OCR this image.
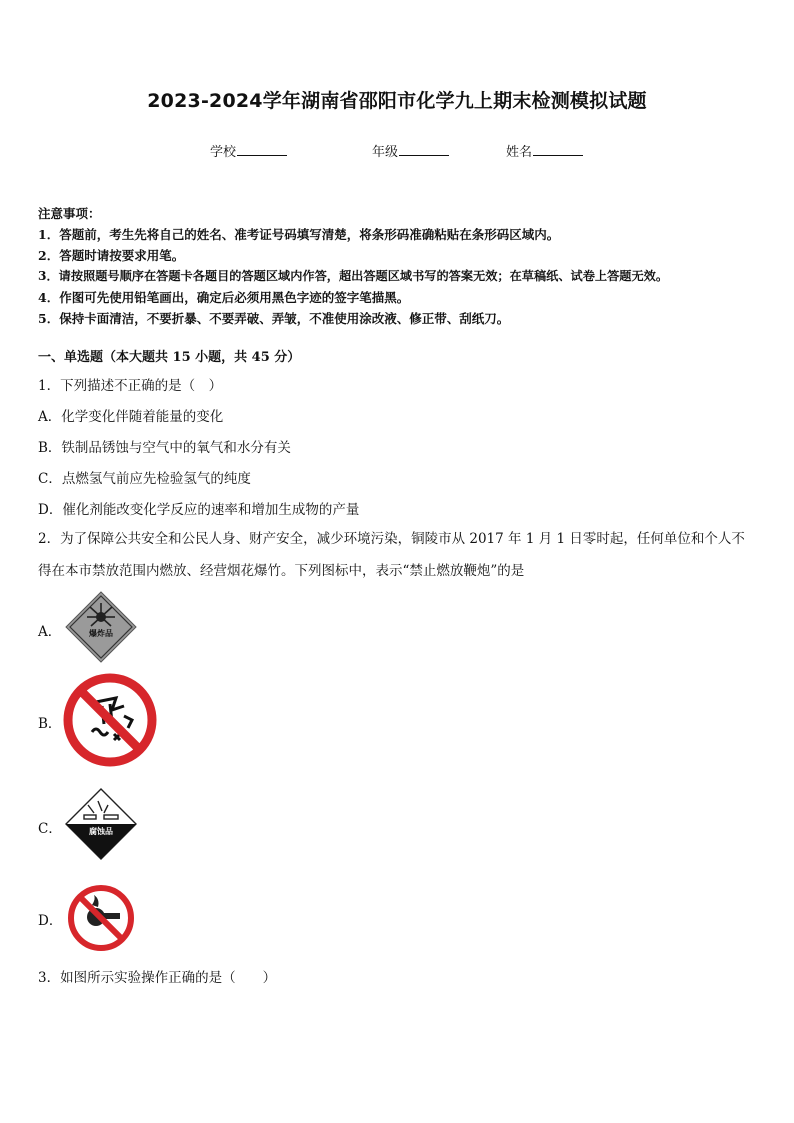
2023-2024学年湖南省邵阳市化学九上期末检测模拟试题
学校	年级	姓名
注意事项：
1．答题前，考生先将自己的姓名、准考证号码填写清楚，将条形码准确粘贴在条形码区域内。
2．答题时请按要求用笔。
3．请按照题号顺序在答题卡各题目的答题区域内作答，超出答题区域书写的答案无效；在草稿纸、试卷上答题无效。
4．作图可先使用铅笔画出，确定后必须用黑色字迹的签字笔描黑。
5．保持卡面清洁，不要折暴、不要弄破、弄皱，不准使用涂改液、修正带、刮纸刀。
一、单选题（本大题共 15 小题，共 45 分）
1．下列描述不正确的是（　）
A．化学变化伴随着能量的变化
B．铁制品锈蚀与空气中的氧气和水分有关
C．点燃氢气前应先检验氢气的纯度
D．催化剂能改变化学反应的速率和增加生成物的产量
2．为了保障公共安全和公民人身、财产安全，减少环境污染，铜陵市从 2017 年 1 月 1 日零时起，任何单位和个人不得在本市禁放范围内燃放、经营烟花爆竹。下列图标中，表示“禁止燃放鞭炮”的是
A．	爆炸品
B．
C．	腐蚀品
D．
3．如图所示实验操作正确的是（　　）
